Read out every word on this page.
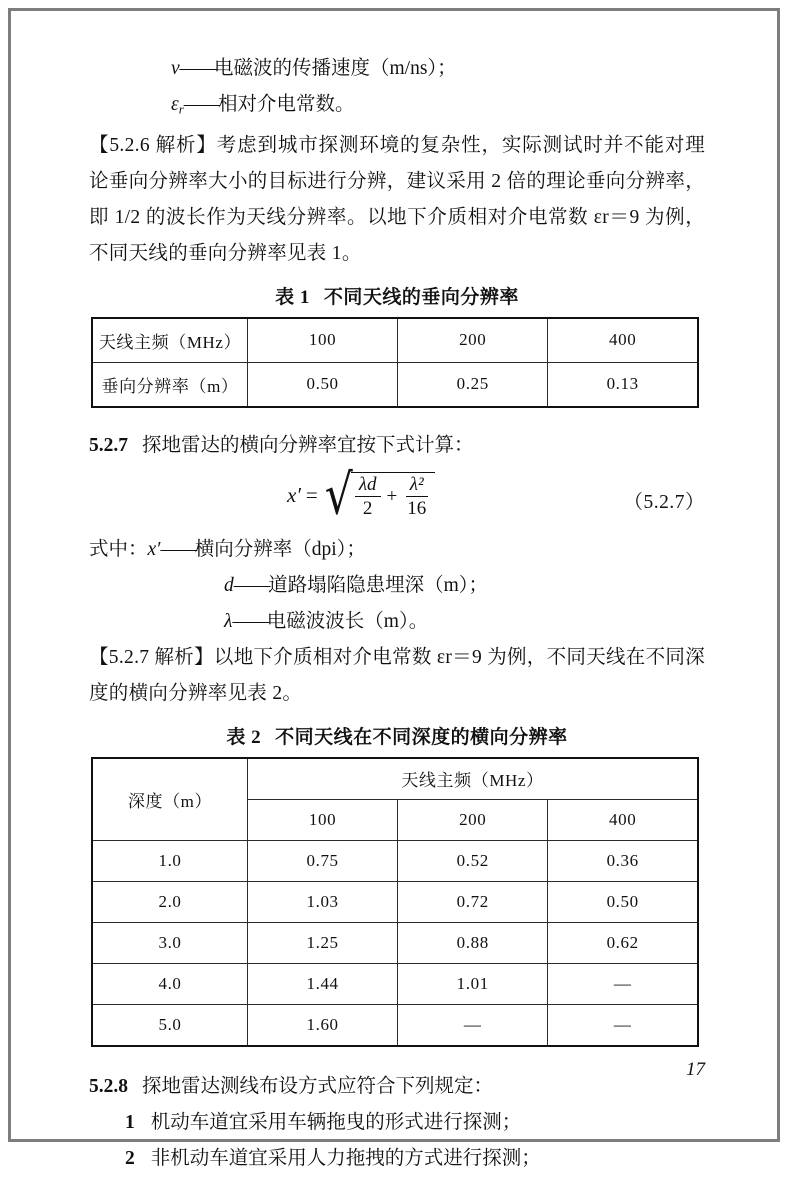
v——电磁波的传播速度（m/ns）；
$\varepsilon_r——$相对介电常数。

【5.2.6 解析】考虑到城市探测环境的复杂性，实际测试时并不能对理论垂向分辨率大小的目标进行分辨，建议采用 2 倍的理论垂向分辨率，即 1/2 的波长作为天线分辨率。以地下介质相对介电常数 εr＝9 为例，不同天线的垂向分辨率见表 1。

表 1 不同天线的垂向分辨率
天线主频（MHz）	100	200	400
垂向分辨率（m）	0.50	0.25	0.13

5.2.7 探地雷达的横向分辨率宜按下式计算：

x′ = √ $\frac{\lambda d}{2} + \frac{\text{λ²}}{16}$	（5.2.7）
式中：x′——横向分辨率（dpi）；
d——道路塌陷隐患埋深（m）；
λ——电磁波波长（m）。

【5.2.7 解析】以地下介质相对介电常数 εr＝9 为例，不同天线在不同深度的横向分辨率见表 2。

表 2 不同天线在不同深度的横向分辨率
深度（m）	天线主频（MHz）		
	100	200	400
1.0	0.75	0.52	0.36
2.0	1.03	0.72	0.50
3.0	1.25	0.88	0.62
4.0	1.44	1.01	—
5.0	1.60	—	—

5.2.8 探地雷达测线布设方式应符合下列规定：

1 机动车道宜采用车辆拖曳的形式进行探测；
2 非机动车道宜采用人力拖拽的方式进行探测；
17
